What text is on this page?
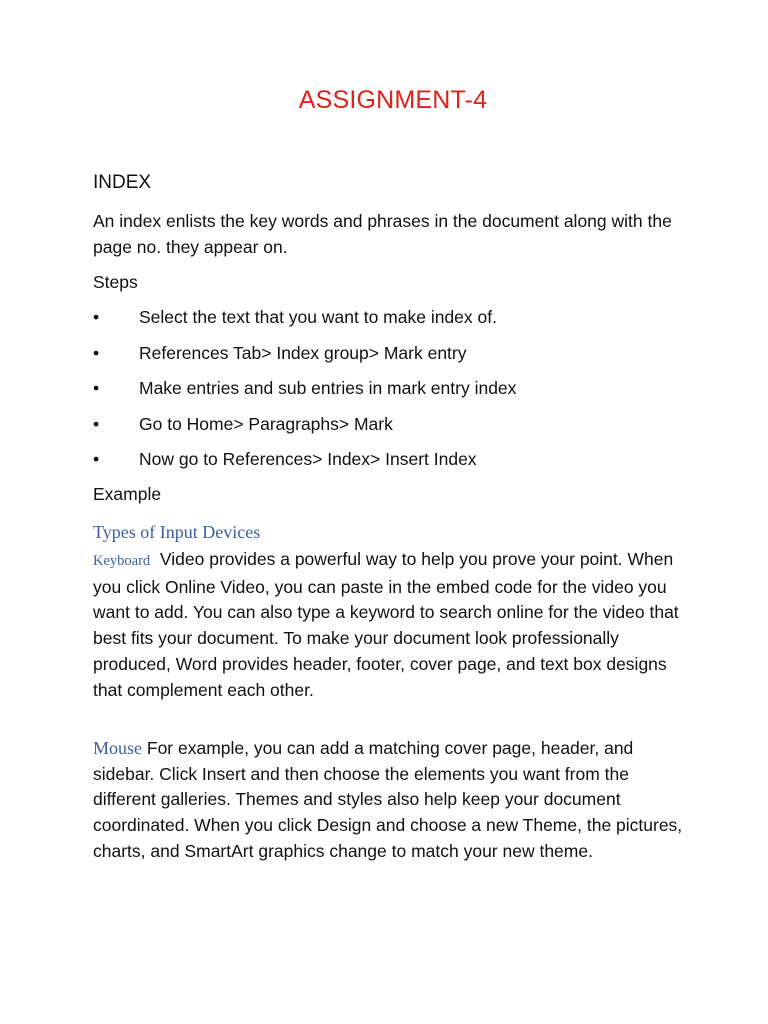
ASSIGNMENT-4
INDEX
An index enlists the key words and phrases in the document along with the page no. they appear on.
Steps
• Select the text that you want to make index of.
• References Tab> Index group> Mark entry
• Make entries and sub entries in mark entry index
• Go to Home> Paragraphs> Mark
• Now go to References> Index> Insert Index
Example
Types of Input Devices
Keyboard Video provides a powerful way to help you prove your point. When you click Online Video, you can paste in the embed code for the video you want to add. You can also type a keyword to search online for the video that best fits your document. To make your document look professionally produced, Word provides header, footer, cover page, and text box designs that complement each other.
Mouse For example, you can add a matching cover page, header, and sidebar. Click Insert and then choose the elements you want from the different galleries. Themes and styles also help keep your document coordinated. When you click Design and choose a new Theme, the pictures, charts, and SmartArt graphics change to match your new theme.
